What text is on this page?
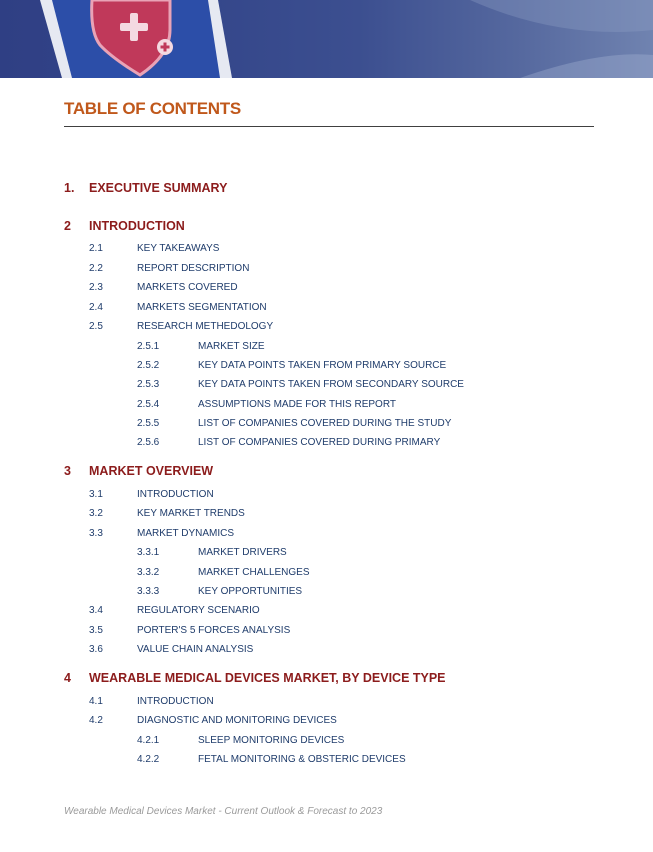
TABLE OF CONTENTS
1. EXECUTIVE SUMMARY
2 INTRODUCTION
2.1	KEY TAKEAWAYS
2.2	REPORT DESCRIPTION
2.3	MARKETS COVERED
2.4	MARKETS SEGMENTATION
2.5	RESEARCH METHEDOLOGY
2.5.1	MARKET SIZE
2.5.2	KEY DATA POINTS TAKEN FROM PRIMARY SOURCE
2.5.3	KEY DATA POINTS TAKEN FROM SECONDARY SOURCE
2.5.4	ASSUMPTIONS MADE FOR THIS REPORT
2.5.5	LIST OF COMPANIES COVERED DURING THE STUDY
2.5.6	LIST OF COMPANIES COVERED DURING PRIMARY
3 MARKET OVERVIEW
3.1	INTRODUCTION
3.2	KEY MARKET TRENDS
3.3	MARKET DYNAMICS
3.3.1	MARKET DRIVERS
3.3.2	MARKET CHALLENGES
3.3.3	KEY OPPORTUNITIES
3.4	REGULATORY SCENARIO
3.5	PORTER'S 5 FORCES ANALYSIS
3.6	VALUE CHAIN ANALYSIS
4 WEARABLE MEDICAL DEVICES MARKET, BY DEVICE TYPE
4.1	INTRODUCTION
4.2	DIAGNOSTIC AND MONITORING DEVICES
4.2.1	SLEEP MONITORING DEVICES
4.2.2	FETAL MONITORING & OBSTERIC DEVICES
Wearable Medical Devices Market - Current Outlook & Forecast to 2023
